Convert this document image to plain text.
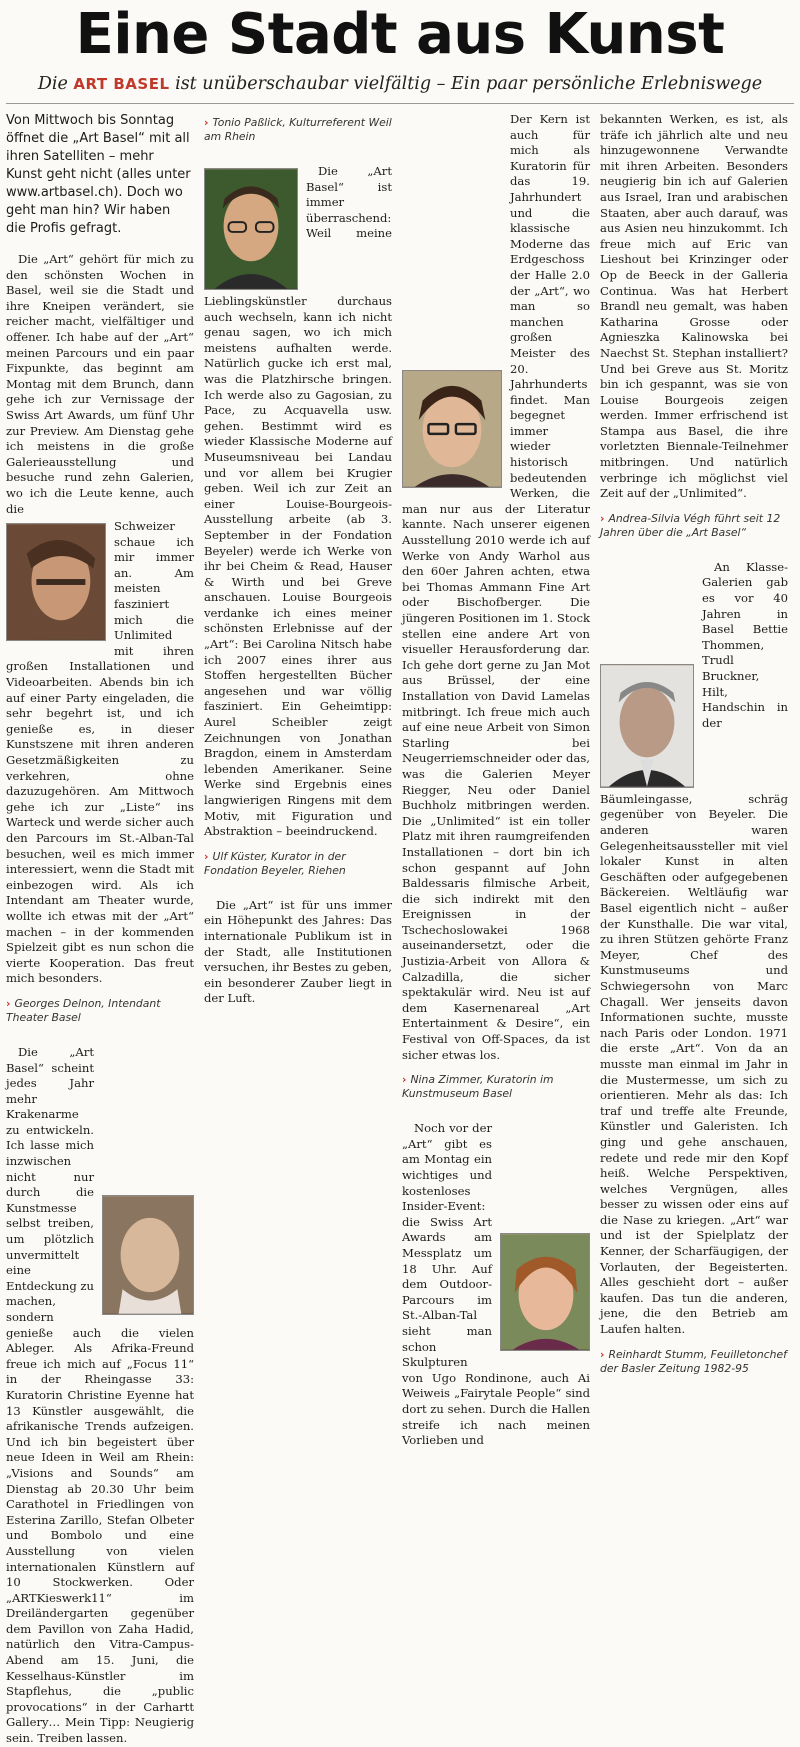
Eine Stadt aus Kunst
Die ART BASEL ist unüberschaubar vielfältig – Ein paar persönliche Erlebniswege

Von Mittwoch bis Sonntag öffnet die „Art Basel“ mit all ihren Satelliten – mehr Kunst geht nicht (alles unter www.artbasel.ch). Doch wo geht man hin? Wir haben die Profis gefragt.

Die „Art“ gehört für mich zu den schönsten Wochen in Basel, weil sie die Stadt und ihre Kneipen verändert, sie reicher macht, vielfältiger und offener. Ich habe auf der „Art“ meinen Parcours und ein paar Fixpunkte, das beginnt am Montag mit dem Brunch, dann gehe ich zur Vernissage der Swiss Art Awards, um fünf Uhr zur Preview. Am Dienstag gehe ich meistens in die große Galerieausstellung und besuche rund zehn Galerien, wo ich die Leute kenne, auch die

Schweizer schaue ich mir immer an. Am meisten fasziniert mich die Unlimited mit ihren großen Installationen und Videoarbeiten. Abends bin ich auf einer Party eingeladen, die sehr begehrt ist, und ich genieße es, in dieser Kunstszene mit ihren anderen Gesetzmäßigkeiten zu verkehren, ohne dazuzugehören. Am Mittwoch gehe ich zur „Liste“ ins Warteck und werde sicher auch den Parcours im St.-Alban-Tal besuchen, weil es mich immer interessiert, wenn die Stadt mit einbezogen wird. Als ich Intendant am Theater wurde, wollte ich etwas mit der „Art“ machen – in der kommenden Spielzeit gibt es nun schon die vierte Kooperation. Das freut mich besonders.

› Georges Delnon, Intendant Theater Basel

Die „Art Basel“ scheint jedes Jahr mehr Krakenarme zu entwickeln. Ich lasse mich inzwischen nicht nur durch die Kunstmesse selbst treiben, um plötzlich unvermittelt eine Entdeckung zu machen, sondern genieße auch die vielen Ableger. Als Afrika-Freund freue ich mich auf „Focus 11“ in der Rheingasse 33: Kuratorin Christine Eyenne hat 13 Künstler ausgewählt, die afrikanische Trends aufzeigen. Und ich bin begeistert über neue Ideen in Weil am Rhein: „Visions and Sounds“ am Dienstag ab 20.30 Uhr beim Carathotel in Friedlingen von Esterina Zarillo, Stefan Olbeter und Bombolo und eine Ausstellung von vielen internationalen Künstlern auf 10 Stockwerken. Oder „ARTKieswerk11“ im Dreiländergarten gegenüber dem Pavillon von Zaha Hadid, natürlich den Vitra-Campus-Abend am 15. Juni, die Kesselhaus-Künstler im Stapflehus, die „public provocations“ in der Carhartt Gallery… Mein Tipp: Neugierig sein. Treiben lassen.

› Tonio Paßlick, Kulturreferent Weil am Rhein

Die „Art Basel“ ist immer überraschend: Weil meine Lieblingskünstler durchaus auch wechseln, kann ich nicht genau sagen, wo ich mich meistens aufhalten werde. Natürlich gucke ich erst mal, was die Platzhirsche bringen. Ich werde also zu Gagosian, zu Pace, zu Acquavella usw. gehen. Bestimmt wird es wieder Klassische Moderne auf Museumsniveau bei Landau und vor allem bei Krugier geben. Weil ich zur Zeit an einer Louise-Bourgeois-Ausstellung arbeite (ab 3. September in der Fondation Beyeler) werde ich Werke von ihr bei Cheim & Read, Hauser & Wirth und bei Greve anschauen. Louise Bourgeois verdanke ich eines meiner schönsten Erlebnisse auf der „Art“: Bei Carolina Nitsch habe ich 2007 eines ihrer aus Stoffen hergestellten Bücher angesehen und war völlig fasziniert. Ein Geheimtipp: Aurel Scheibler zeigt Zeichnungen von Jonathan Bragdon, einem in Amsterdam lebenden Amerikaner. Seine Werke sind Ergebnis eines langwierigen Ringens mit dem Motiv, mit Figuration und Abstraktion – beeindruckend.

› Ulf Küster, Kurator in der Fondation Beyeler, Riehen

Die „Art“ ist für uns immer ein Höhepunkt des Jahres: Das internationale Publikum ist in der Stadt, alle Institutionen versuchen, ihr Bestes zu geben, ein besonderer Zauber liegt in der Luft.

Der Kern ist auch für mich als Kuratorin für das 19. Jahrhundert und die klassische Moderne das Erdgeschoss der Halle 2.0 der „Art“, wo man so manchen großen Meister des 20. Jahrhunderts findet. Man begegnet immer wieder historisch bedeutenden Werken, die man nur aus der Literatur kannte. Nach unserer eigenen Ausstellung 2010 werde ich auf Werke von Andy Warhol aus den 60er Jahren achten, etwa bei Thomas Ammann Fine Art oder Bischofberger. Die jüngeren Positionen im 1. Stock stellen eine andere Art von visueller Herausforderung dar. Ich gehe dort gerne zu Jan Mot aus Brüssel, der eine Installation von David Lamelas mitbringt. Ich freue mich auch auf eine neue Arbeit von Simon Starling bei Neugerriemschneider oder das, was die Galerien Meyer Riegger, Neu oder Daniel Buchholz mitbringen werden. Die „Unlimited“ ist ein toller Platz mit ihren raumgreifenden Installationen – dort bin ich schon gespannt auf John Baldessaris filmische Arbeit, die sich indirekt mit den Ereignissen in der Tschechoslowakei 1968 auseinandersetzt, oder die Justizia-Arbeit von Allora & Calzadilla, die sicher spektakulär wird. Neu ist auf dem Kasernenareal „Art Entertainment & Desire“, ein Festival von Off-Spaces, da ist sicher etwas los.

› Nina Zimmer, Kuratorin im Kunstmuseum Basel

Noch vor der „Art“ gibt es am Montag ein wichtiges und kostenloses Insider-Event: die Swiss Art Awards am Messplatz um 18 Uhr. Auf dem Outdoor-Parcours im St.-Alban-Tal sieht man schon Skulpturen von Ugo Rondinone, auch Ai Weiweis „Fairytale People“ sind dort zu sehen. Durch die Hallen streife ich nach meinen Vorlieben und

bekannten Werken, es ist, als träfe ich jährlich alte und neu hinzugewonnene Verwandte mit ihren Arbeiten. Besonders neugierig bin ich auf Galerien aus Israel, Iran und arabischen Staaten, aber auch darauf, was aus Asien neu hinzukommt. Ich freue mich auf Eric van Lieshout bei Krinzinger oder Op de Beeck in der Galleria Continua. Was hat Herbert Brandl neu gemalt, was haben Katharina Grosse oder Agnieszka Kalinowska bei Naechst St. Stephan installiert? Und bei Greve aus St. Moritz bin ich gespannt, was sie von Louise Bourgeois zeigen werden. Immer erfrischend ist Stampa aus Basel, die ihre vorletzten Biennale-Teilnehmer mitbringen. Und natürlich verbringe ich möglichst viel Zeit auf der „Unlimited“.

› Andrea-Silvia Végh führt seit 12 Jahren über die „Art Basel“

An Klasse-Galerien gab es vor 40 Jahren in Basel Bettie Thommen, Trudl Bruckner, Hilt, Handschin in der Bäumleingasse, schräg gegenüber von Beyeler. Die anderen waren Gelegenheitsaussteller mit viel lokaler Kunst in alten Geschäften oder aufgegebenen Bäckereien. Weltläufig war Basel eigentlich nicht – außer der Kunsthalle. Die war vital, zu ihren Stützen gehörte Franz Meyer, Chef des Kunstmuseums und Schwiegersohn von Marc Chagall. Wer jenseits davon Informationen suchte, musste nach Paris oder London. 1971 die erste „Art“. Von da an musste man einmal im Jahr in die Mustermesse, um sich zu orientieren. Mehr als das: Ich traf und treffe alte Freunde, Künstler und Galeristen. Ich ging und gehe anschauen, redete und rede mir den Kopf heiß. Welche Perspektiven, welches Vergnügen, alles besser zu wissen oder eins auf die Nase zu kriegen. „Art“ war und ist der Spielplatz der Kenner, der Scharfäugigen, der Vorlauten, der Begeisterten. Alles geschieht dort – außer kaufen. Das tun die anderen, jene, die den Betrieb am Laufen halten.

› Reinhardt Stumm, Feuilletonchef der Basler Zeitung 1982-95
